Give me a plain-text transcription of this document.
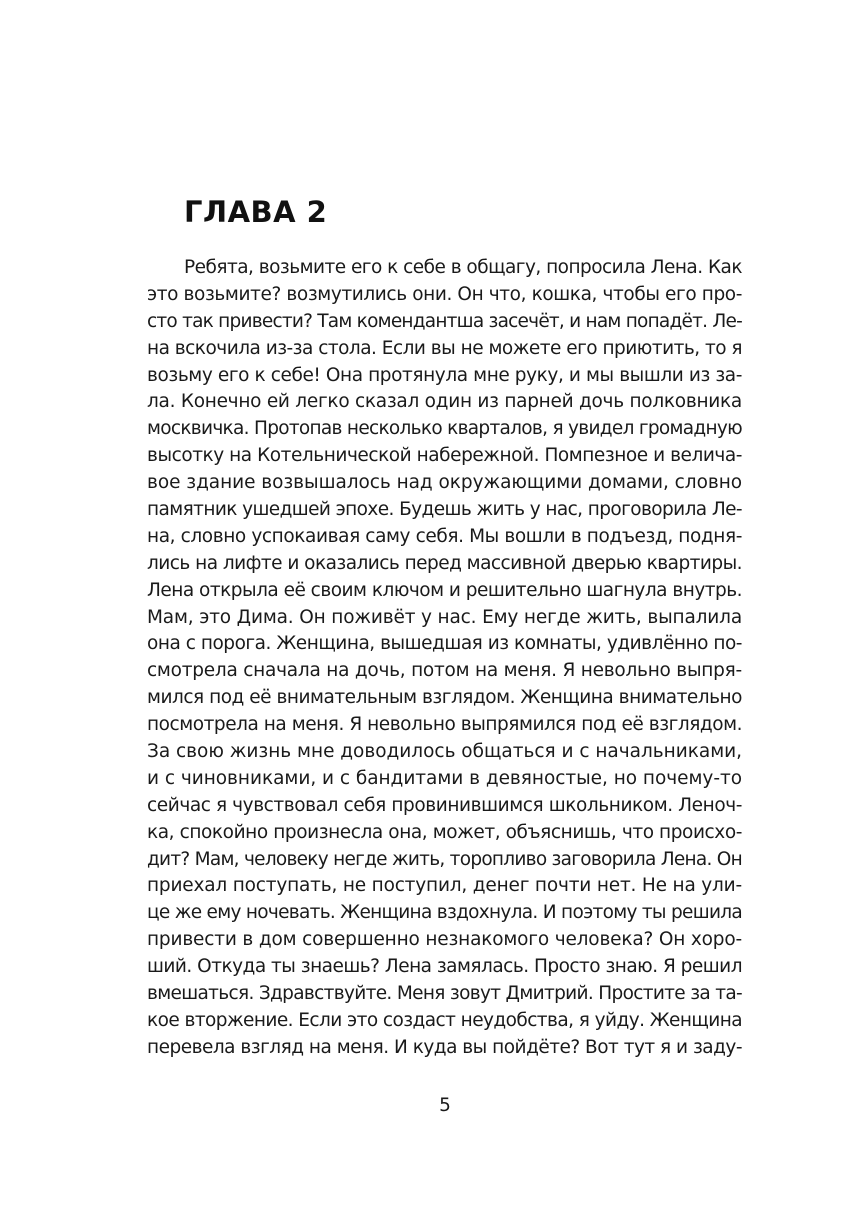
ГЛАВА 2
Ребята, возьмите его к себе в общагу, попросила Лена. Как
это возьмите? возмутились они. Он что, кошка, чтобы его про-
сто так привести? Там комендантша засечёт, и нам попадёт. Ле-
на вскочила из-за стола. Если вы не можете его приютить, то я
возьму его к себе! Она протянула мне руку, и мы вышли из за-
ла. Конечно ей легко сказал один из парней дочь полковника
москвичка. Протопав несколько кварталов, я увидел громадную
высотку на Котельнической набережной. Помпезное и велича-
вое здание возвышалось над окружающими домами, словно
памятник ушедшей эпохе. Будешь жить у нас, проговорила Ле-
на, словно успокаивая саму себя. Мы вошли в подъезд, подня-
лись на лифте и оказались перед массивной дверью квартиры.
Лена открыла её своим ключом и решительно шагнула внутрь.
Мам, это Дима. Он поживёт у нас. Ему негде жить, выпалила
она с порога. Женщина, вышедшая из комнаты, удивлённо по-
смотрела сначала на дочь, потом на меня. Я невольно выпря-
мился под её внимательным взглядом. Женщина внимательно
посмотрела на меня. Я невольно выпрямился под её взглядом.
За свою жизнь мне доводилось общаться и с начальниками,
и с чиновниками, и с бандитами в девяностые, но почему-то
сейчас я чувствовал себя провинившимся школьником. Леноч-
ка, спокойно произнесла она, может, объяснишь, что происхо-
дит? Мам, человеку негде жить, торопливо заговорила Лена. Он
приехал поступать, не поступил, денег почти нет. Не на ули-
це же ему ночевать. Женщина вздохнула. И поэтому ты решила
привести в дом совершенно незнакомого человека? Он хоро-
ший. Откуда ты знаешь? Лена замялась. Просто знаю. Я решил
вмешаться. Здравствуйте. Меня зовут Дмитрий. Простите за та-
кое вторжение. Если это создаст неудобства, я уйду. Женщина
перевела взгляд на меня. И куда вы пойдёте? Вот тут я и заду-
5
